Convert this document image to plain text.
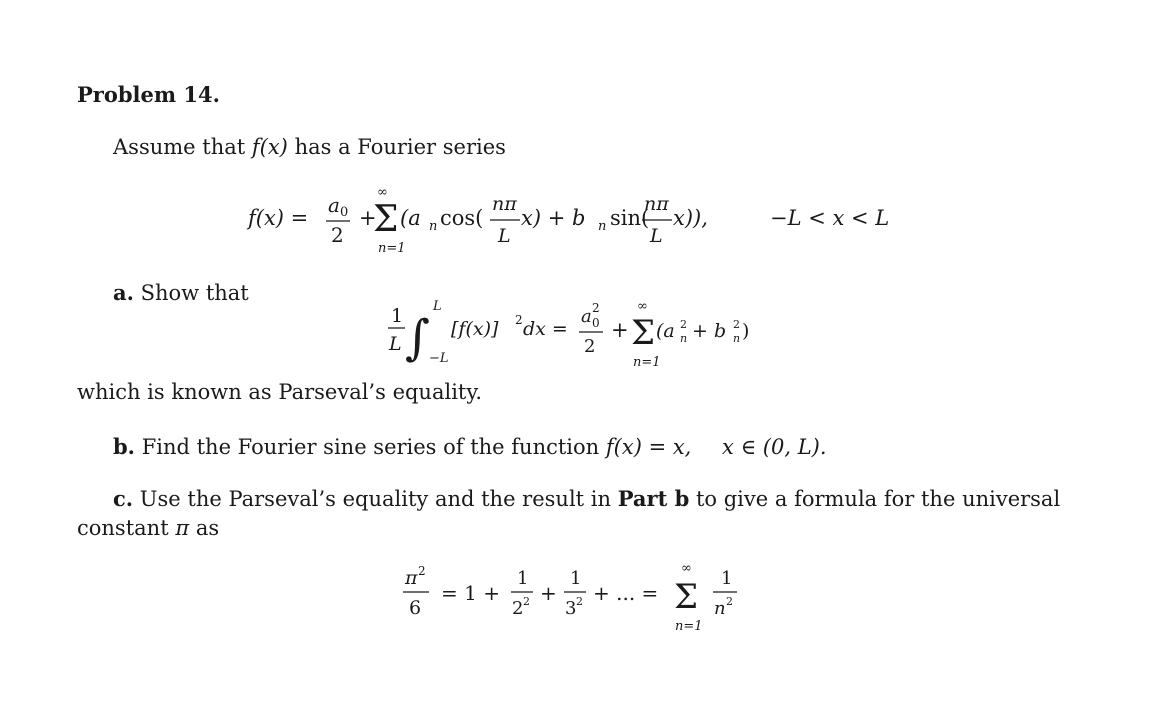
Problem 14.
Assume that f(x) has a Fourier series
f(x) =
a 0
2
+
∞
Σ
n=1
(a n cos(
nπ
L
x) + b n sin(
nπ
L
x)),	−L < x < L
a. Show that
1
L ∫
L
−L
[f(x)] 2 dx =
a 2
0
2
+
∞
Σ
n=1
(a 2
n + b 2
n )
which is known as Parseval’s equality.
b. Find the Fourier sine series of the function f(x) = x, x ∈ (0, L).
c. Use the Parseval’s equality and the result in Part b to give a formula for the universal
constant π as
π 2
6
= 1 +
1
2 2 +
1
3 2 + ... =
∞
Σ
n=1
1
n 2
